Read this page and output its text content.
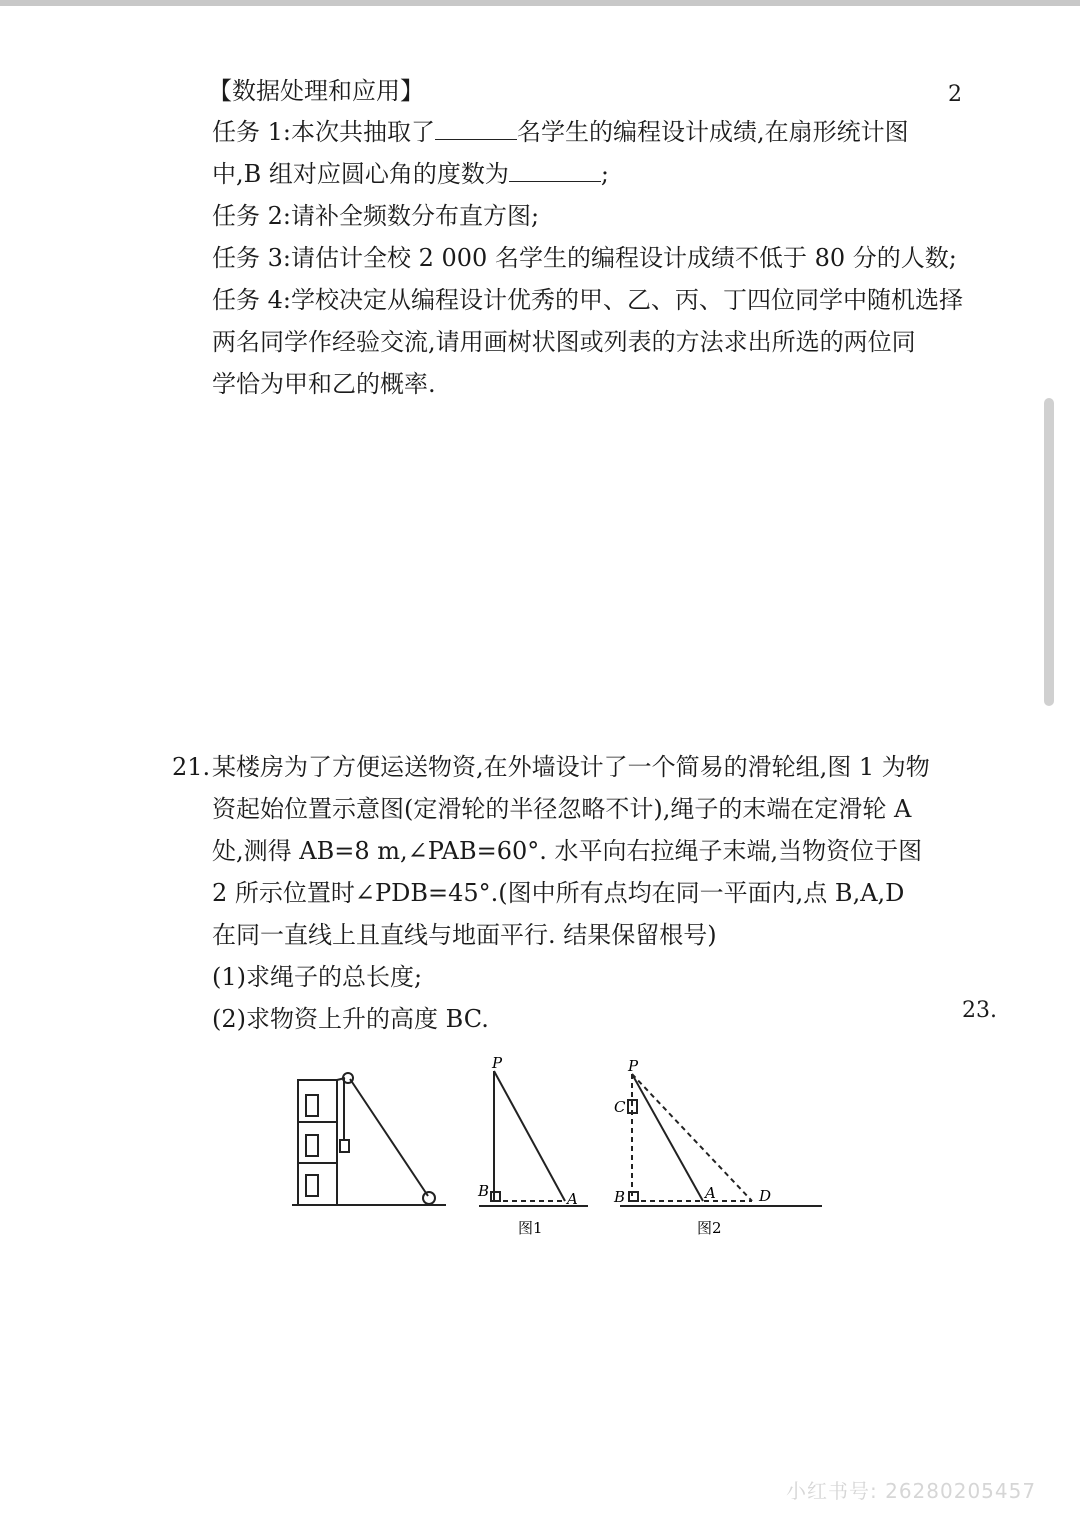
【数据处理和应用】	2
任务 1:本次共抽取了	名学生的编程设计成绩,在扇形统计图
中,B 组对应圆心角的度数为	;
任务 2:请补全频数分布直方图;
任务 3:请估计全校 2 000 名学生的编程设计成绩不低于 80 分的人数;
任务 4:学校决定从编程设计优秀的甲、乙、丙、丁四位同学中随机选择
两名同学作经验交流,请用画树状图或列表的方法求出所选的两位同
学恰为甲和乙的概率.
21. 某楼房为了方便运送物资,在外墙设计了一个简易的滑轮组,图 1 为物
资起始位置示意图(定滑轮的半径忽略不计),绳子的末端在定滑轮 A
处,测得 AB=8 m,∠PAB=60°. 水平向右拉绳子末端,当物资位于图
2 所示位置时∠PDB=45°.(图中所有点均在同一平面内,点 B,A,D
在同一直线上且直线与地面平行. 结果保留根号)
(1)求绳子的总长度;
(2)求物资上升的高度 BC.	23.
P
B	A
图1
P
C
B	A	D
图2
小红书号: 26280205457
